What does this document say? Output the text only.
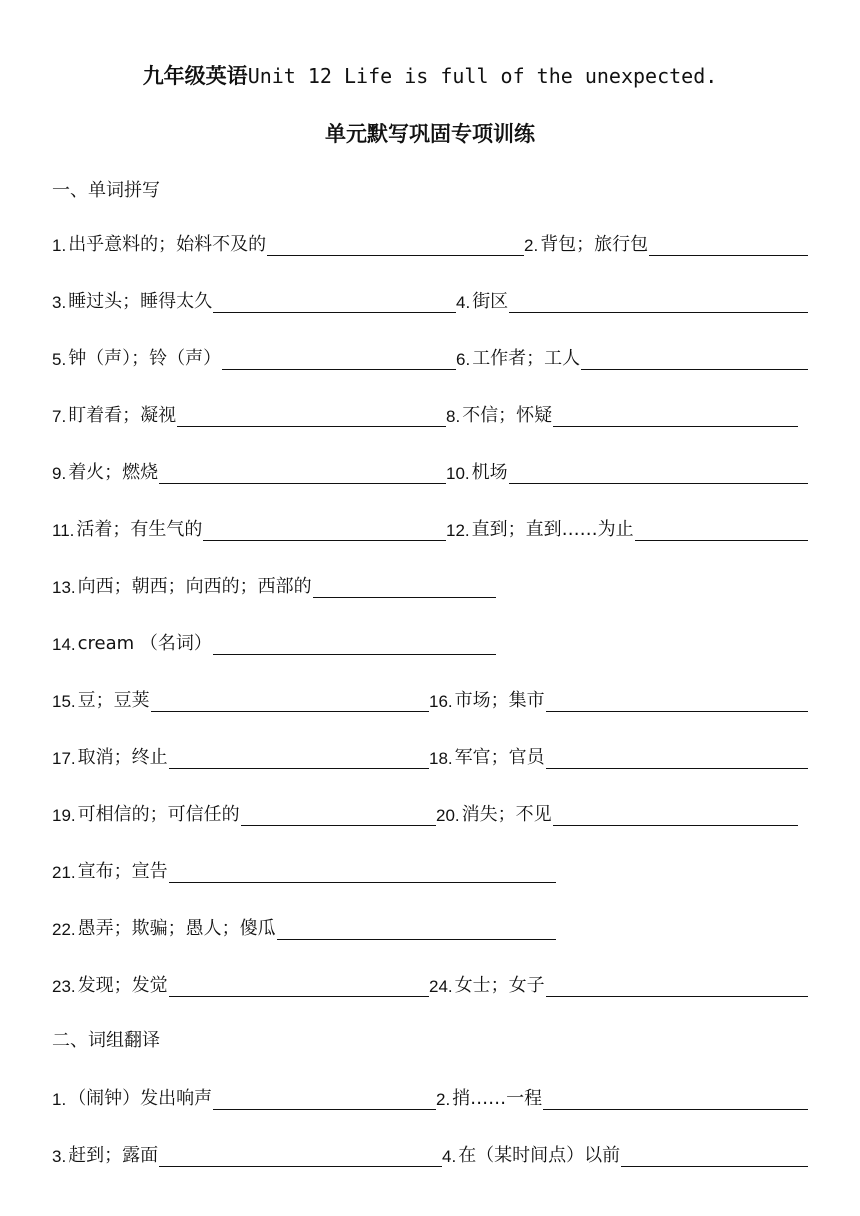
九年级英语Unit 12 Life is full of the unexpected.
单元默写巩固专项训练
一、单词拼写
1. 出乎意料的；始料不及的	2. 背包；旅行包
3. 睡过头；睡得太久	4. 街区
5. 钟（声）；铃（声）	6. 工作者；工人
7. 盯着看；凝视	8. 不信；怀疑
9. 着火；燃烧	10. 机场
11. 活着；有生气的	12. 直到；直到……为止
13. 向西；朝西；向西的；西部的
14. cream （名词）
15. 豆；豆荚	16. 市场；集市
17. 取消；终止	18. 军官；官员
19. 可相信的；可信任的	20. 消失；不见
21. 宣布；宣告
22. 愚弄；欺骗；愚人；傻瓜
23. 发现；发觉	24. 女士；女子
二、词组翻译
1. （闹钟）发出响声	2. 捎……一程
3. 赶到；露面	4. 在（某时间点）以前
